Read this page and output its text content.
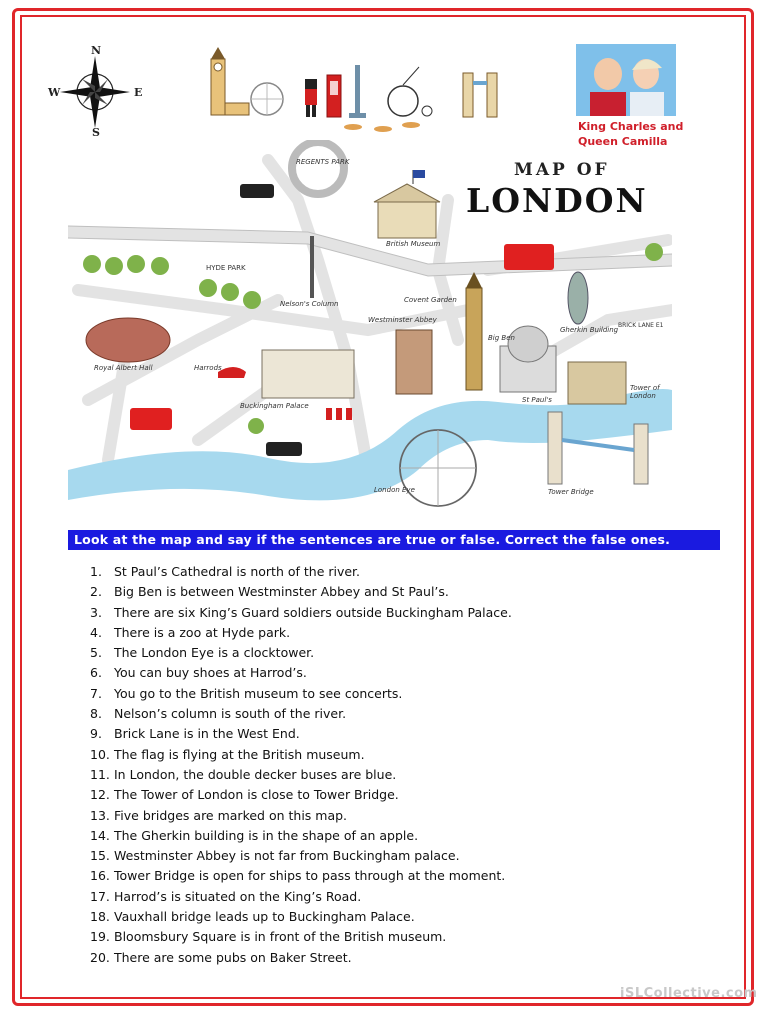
N
E
S
W
King Charles and
Queen Camilla
REGENTS PARK
HYDE PARK
British Museum
Nelson's Column
Westminster Abbey
Big Ben
St Paul's
Gherkin Building
Tower of London
Tower Bridge
London Eye
Buckingham Palace
Royal Albert Hall	Harrods
Covent Garden
BRICK LANE E1
MAP OF
LONDON
Look at the map and say if the sentences are true or false. Correct the false ones.
1. St Paul’s Cathedral is north of the river.
2. Big Ben is between Westminster Abbey and St Paul’s.
3. There are six King’s Guard soldiers outside Buckingham Palace.
4. There is a zoo at Hyde park.
5. The London Eye is a clocktower.
6. You can buy shoes at Harrod’s.
7. You go to the British museum to see concerts.
8. Nelson’s column is south of the river.
9. Brick Lane is in the West End.
10. The flag is flying at the British museum.
11. In London, the double decker buses are blue.
12. The Tower of London is close to Tower Bridge.
13. Five bridges are marked on this map.
14. The Gherkin building is in the shape of an apple.
15. Westminster Abbey is not far from Buckingham palace.
16. Tower Bridge is open for ships to pass through at the moment.
17. Harrod’s is situated on the King’s Road.
18. Vauxhall bridge leads up to Buckingham Palace.
19. Bloomsbury Square is in front of the British museum.
20. There are some pubs on Baker Street.
iSLCollective.com
